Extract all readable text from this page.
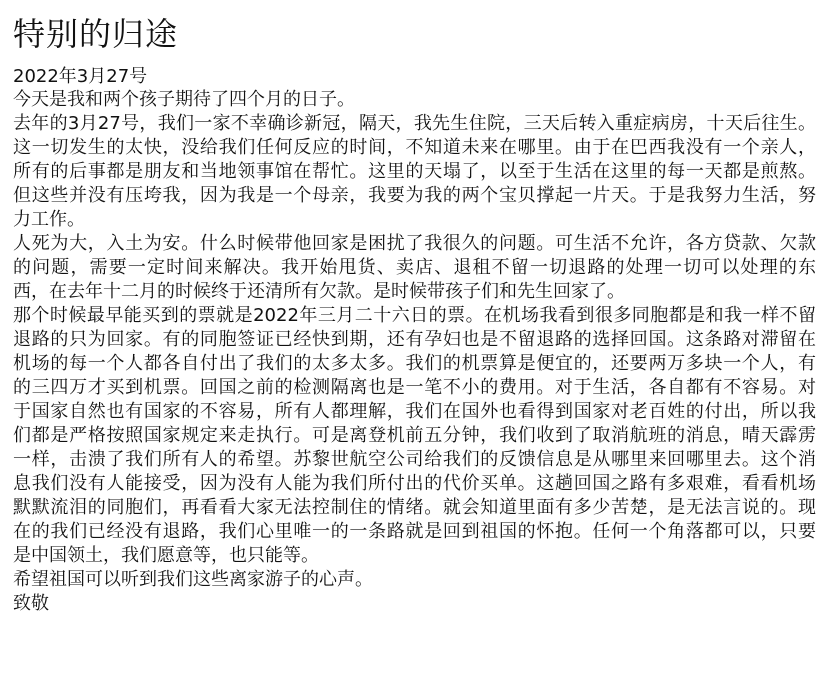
特别的归途

2022年3月27号

今天是我和两个孩子期待了四个月的日子。

去年的3月27号，我们一家不幸确诊新冠，隔天，我先生住院，三天后转入重症病房，十天后往生。
这一切发生的太快，没给我们任何反应的时间，不知道未来在哪里。由于在巴西我没有一个亲人，
所有的后事都是朋友和当地领事馆在帮忙。这里的天塌了，以至于生活在这里的每一天都是煎熬。
但这些并没有压垮我，因为我是一个母亲，我要为我的两个宝贝撑起一片天。于是我努力生活，努
力工作。

人死为大，入土为安。什么时候带他回家是困扰了我很久的问题。可生活不允许，各方贷款、欠款
的问题，需要一定时间来解决。我开始甩货、卖店、退租不留一切退路的处理一切可以处理的东
西，在去年十二月的时候终于还清所有欠款。是时候带孩子们和先生回家了。

那个时候最早能买到的票就是2022年三月二十六日的票。在机场我看到很多同胞都是和我一样不留
退路的只为回家。有的同胞签证已经快到期，还有孕妇也是不留退路的选择回国。这条路对滞留在
机场的每一个人都各自付出了我们的太多太多。我们的机票算是便宜的，还要两万多块一个人，有
的三四万才买到机票。回国之前的检测隔离也是一笔不小的费用。对于生活，各自都有不容易。对
于国家自然也有国家的不容易，所有人都理解，我们在国外也看得到国家对老百姓的付出，所以我
们都是严格按照国家规定来走执行。可是离登机前五分钟，我们收到了取消航班的消息，晴天霹雳
一样，击溃了我们所有人的希望。苏黎世航空公司给我们的反馈信息是从哪里来回哪里去。这个消
息我们没有人能接受，因为没有人能为我们所付出的代价买单。这趟回国之路有多艰难，看看机场
默默流泪的同胞们，再看看大家无法控制住的情绪。就会知道里面有多少苦楚，是无法言说的。现
在的我们已经没有退路，我们心里唯一的一条路就是回到祖国的怀抱。任何一个角落都可以，只要
是中国领土，我们愿意等，也只能等。

希望祖国可以听到我们这些离家游子的心声。

致敬
